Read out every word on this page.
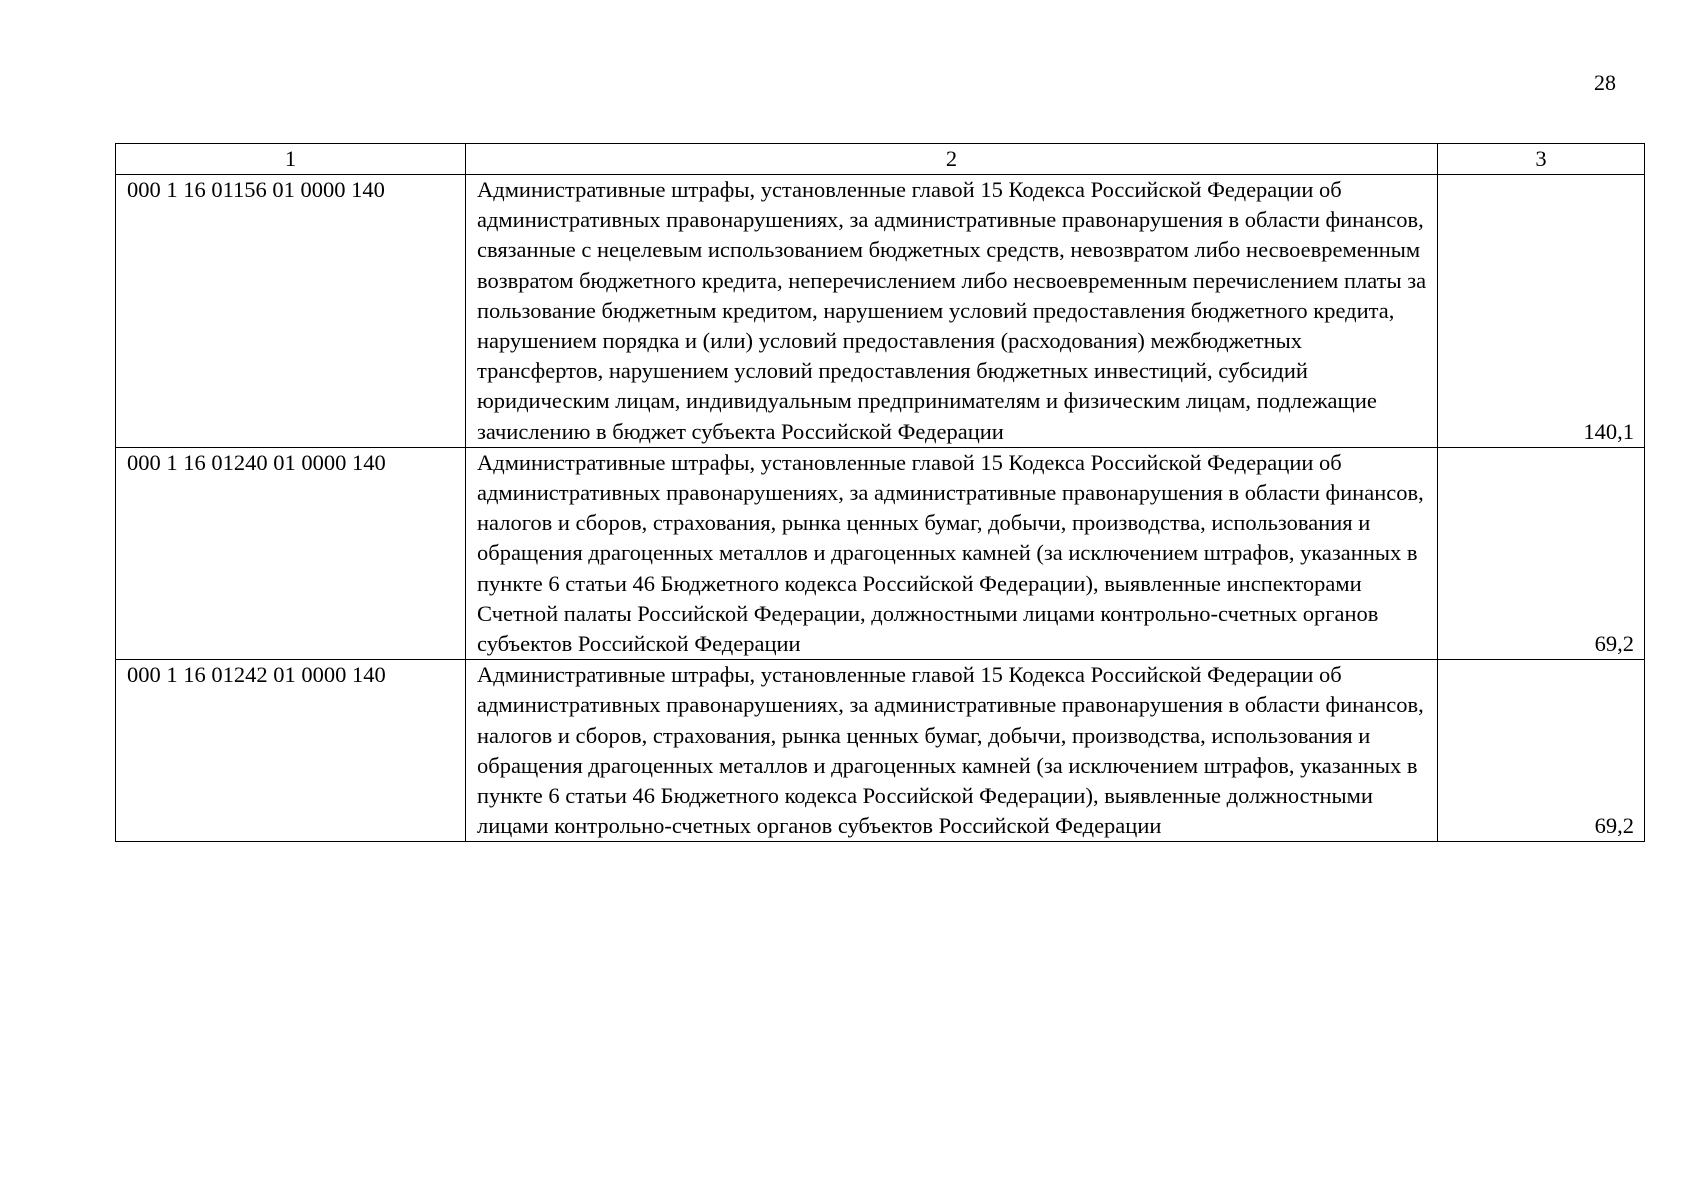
28
1	2	3
000 1 16 01156 01 0000 140	Административные штрафы, установленные главой 15 Кодекса Российской Федерации об административных правонарушениях, за административные правонарушения в области финансов, связанные с нецелевым использованием бюджетных средств, невозвратом либо несвоевременным возвратом бюджетного кредита, неперечислением либо несвоевременным перечислением платы за пользование бюджетным кредитом, нарушением условий предоставления бюджетного кредита, нарушением порядка и (или) условий предоставления (расходования) межбюджетных трансфертов, нарушением условий предоставления бюджетных инвестиций, субсидий юридическим лицам, индивидуальным предпринимателям и физическим лицам, подлежащие зачислению в бюджет субъекта Российской Федерации	140,1
000 1 16 01240 01 0000 140	Административные штрафы, установленные главой 15 Кодекса Российской Федерации об административных правонарушениях, за административные правонарушения в области финансов, налогов и сборов, страхования, рынка ценных бумаг, добычи, производства, использования и обращения драгоценных металлов и драгоценных камней (за исключением штрафов, указанных в пункте 6 статьи 46 Бюджетного кодекса Российской Федерации), выявленные инспекторами Счетной палаты Российской Федерации, должностными лицами контрольно-счетных органов субъектов Российской Федерации	69,2
000 1 16 01242 01 0000 140	Административные штрафы, установленные главой 15 Кодекса Российской Федерации об административных правонарушениях, за административные правонарушения в области финансов, налогов и сборов, страхования, рынка ценных бумаг, добычи, производства, использования и обращения драгоценных металлов и драгоценных камней (за исключением штрафов, указанных в пункте 6 статьи 46 Бюджетного кодекса Российской Федерации), выявленные должностными лицами контрольно-счетных органов субъектов Российской Федерации	69,2
